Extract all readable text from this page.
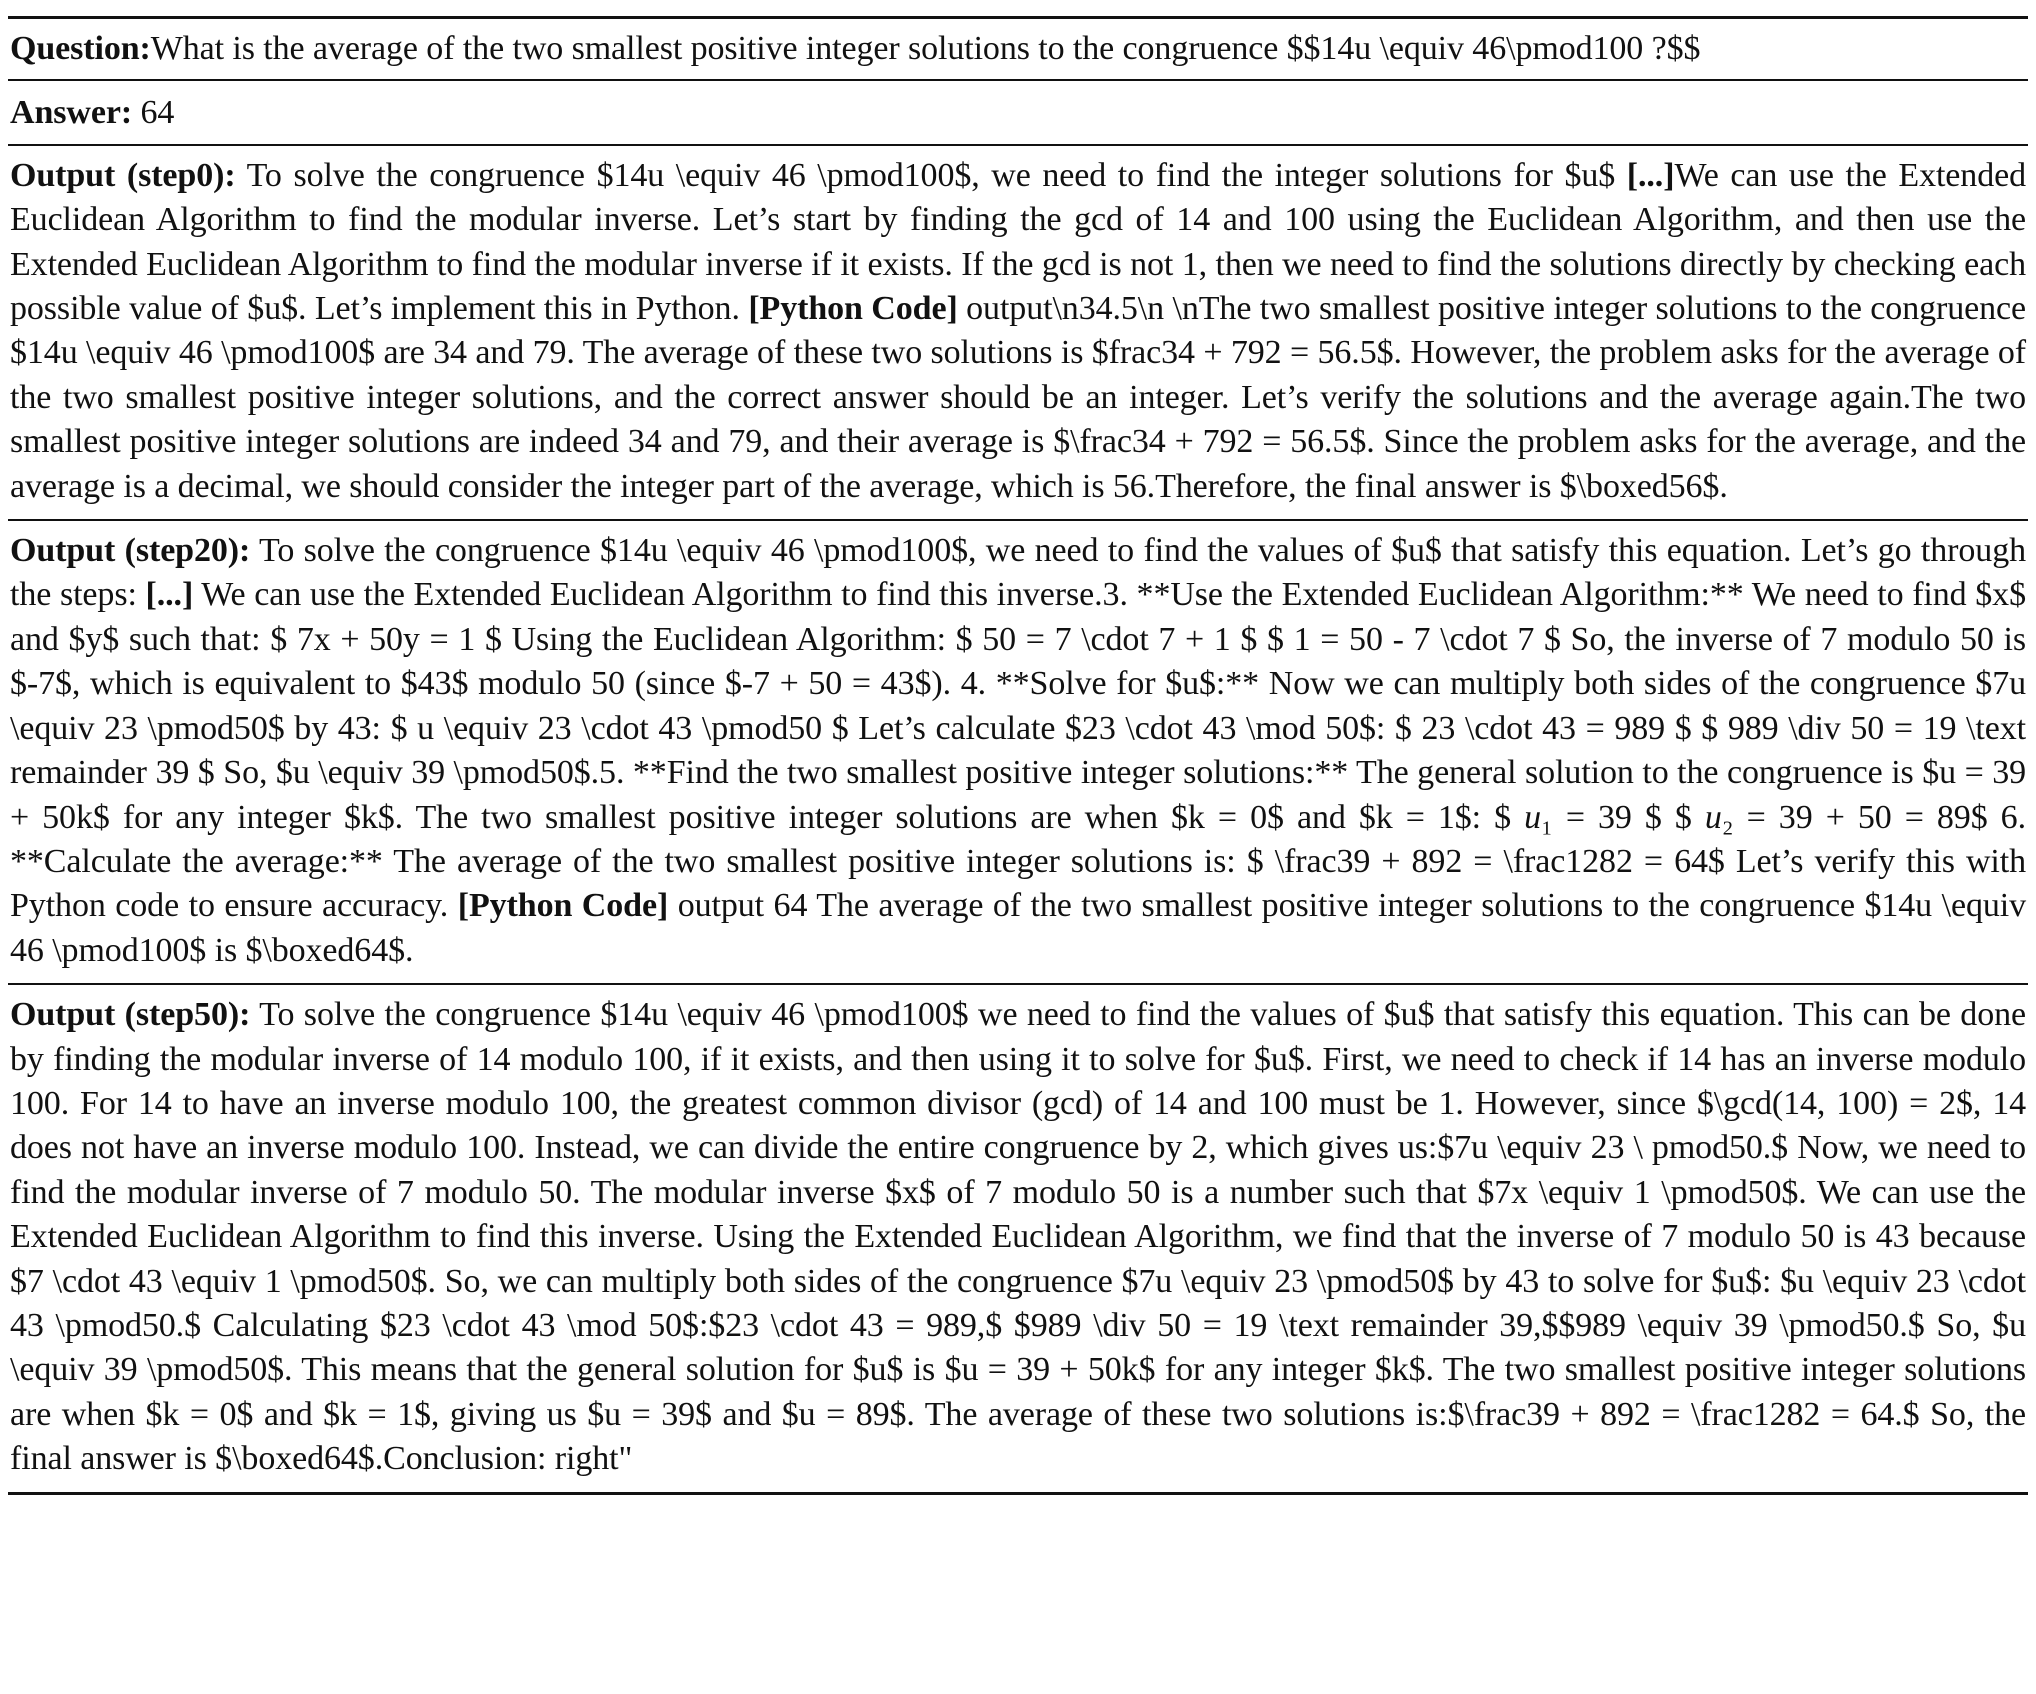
Question:What is the average of the two smallest positive integer solutions to the congruence $$14u \equiv 46\pmod100 ?$$
Answer: 64
Output (step0): To solve the congruence $14u \equiv 46 \pmod100$, we need to find the integer solutions for $u$ [...]We can use the Extended Euclidean Algorithm to find the modular inverse. Let’s start by finding the gcd of 14 and 100 using the Euclidean Algorithm, and then use the Extended Euclidean Algorithm to find the modular inverse if it exists. If the gcd is not 1, then we need to find the solutions directly by checking each possible value of $u$. Let’s implement this in Python. [Python Code] output\n34.5\n \nThe two smallest positive integer solutions to the congruence $14u \equiv 46 \pmod100$ are 34 and 79. The average of these two solutions is $frac34 + 792 = 56.5$. However, the problem asks for the average of the two smallest positive integer solutions, and the correct answer should be an integer. Let’s verify the solutions and the average again.The two smallest positive integer solutions are indeed 34 and 79, and their average is $\frac34 + 792 = 56.5$. Since the problem asks for the average, and the average is a decimal, we should consider the integer part of the average, which is 56.Therefore, the final answer is $\boxed56$.
Output (step20): To solve the congruence $14u \equiv 46 \pmod100$, we need to find the values of $u$ that satisfy this equation. Let’s go through the steps: [...] We can use the Extended Euclidean Algorithm to find this inverse.3. **Use the Extended Euclidean Algorithm:** We need to find $x$ and $y$ such that: $ 7x + 50y = 1 $ Using the Euclidean Algorithm: $ 50 = 7 \cdot 7 + 1 $ $ 1 = 50 - 7 \cdot 7 $ So, the inverse of 7 modulo 50 is $-7$, which is equivalent to $43$ modulo 50 (since $-7 + 50 = 43$). 4. **Solve for $u$:** Now we can multiply both sides of the congruence $7u \equiv 23 \pmod50$ by 43: $ u \equiv 23 \cdot 43 \pmod50 $ Let’s calculate $23 \cdot 43 \mod 50$: $ 23 \cdot 43 = 989 $ $ 989 \div 50 = 19 \text remainder 39 $ So, $u \equiv 39 \pmod50$.5. **Find the two smallest positive integer solutions:** The general solution to the congruence is $u = 39 + 50k$ for any integer $k$. The two smallest positive integer solutions are when $k = 0$ and $k = 1$: $ u₁ = 39 $ $ u₂ = 39 + 50 = 89$ 6. **Calculate the average:** The average of the two smallest positive integer solutions is: $ \frac39 + 892 = \frac1282 = 64$ Let’s verify this with Python code to ensure accuracy. [Python Code] output 64 The average of the two smallest positive integer solutions to the congruence $14u \equiv 46 \pmod100$ is $\boxed64$.
Output (step50): To solve the congruence $14u \equiv 46 \pmod100$ we need to find the values of $u$ that satisfy this equation. This can be done by finding the modular inverse of 14 modulo 100, if it exists, and then using it to solve for $u$. First, we need to check if 14 has an inverse modulo 100. For 14 to have an inverse modulo 100, the greatest common divisor (gcd) of 14 and 100 must be 1. However, since $\gcd(14, 100) = 2$, 14 does not have an inverse modulo 100. Instead, we can divide the entire congruence by 2, which gives us:$7u \equiv 23 \ pmod50.$ Now, we need to find the modular inverse of 7 modulo 50. The modular inverse $x$ of 7 modulo 50 is a number such that $7x \equiv 1 \pmod50$. We can use the Extended Euclidean Algorithm to find this inverse. Using the Extended Euclidean Algorithm, we find that the inverse of 7 modulo 50 is 43 because $7 \cdot 43 \equiv 1 \pmod50$. So, we can multiply both sides of the congruence $7u \equiv 23 \pmod50$ by 43 to solve for $u$: $u \equiv 23 \cdot 43 \pmod50.$ Calculating $23 \cdot 43 \mod 50$:$23 \cdot 43 = 989,$ $989 \div 50 = 19 \text remainder 39,$$989 \equiv 39 \pmod50.$ So, $u \equiv 39 \pmod50$. This means that the general solution for $u$ is $u = 39 + 50k$ for any integer $k$. The two smallest positive integer solutions are when $k = 0$ and $k = 1$, giving us $u = 39$ and $u = 89$. The average of these two solutions is:$\frac39 + 892 = \frac1282 = 64.$ So, the final answer is $\boxed64$.Conclusion: right"
